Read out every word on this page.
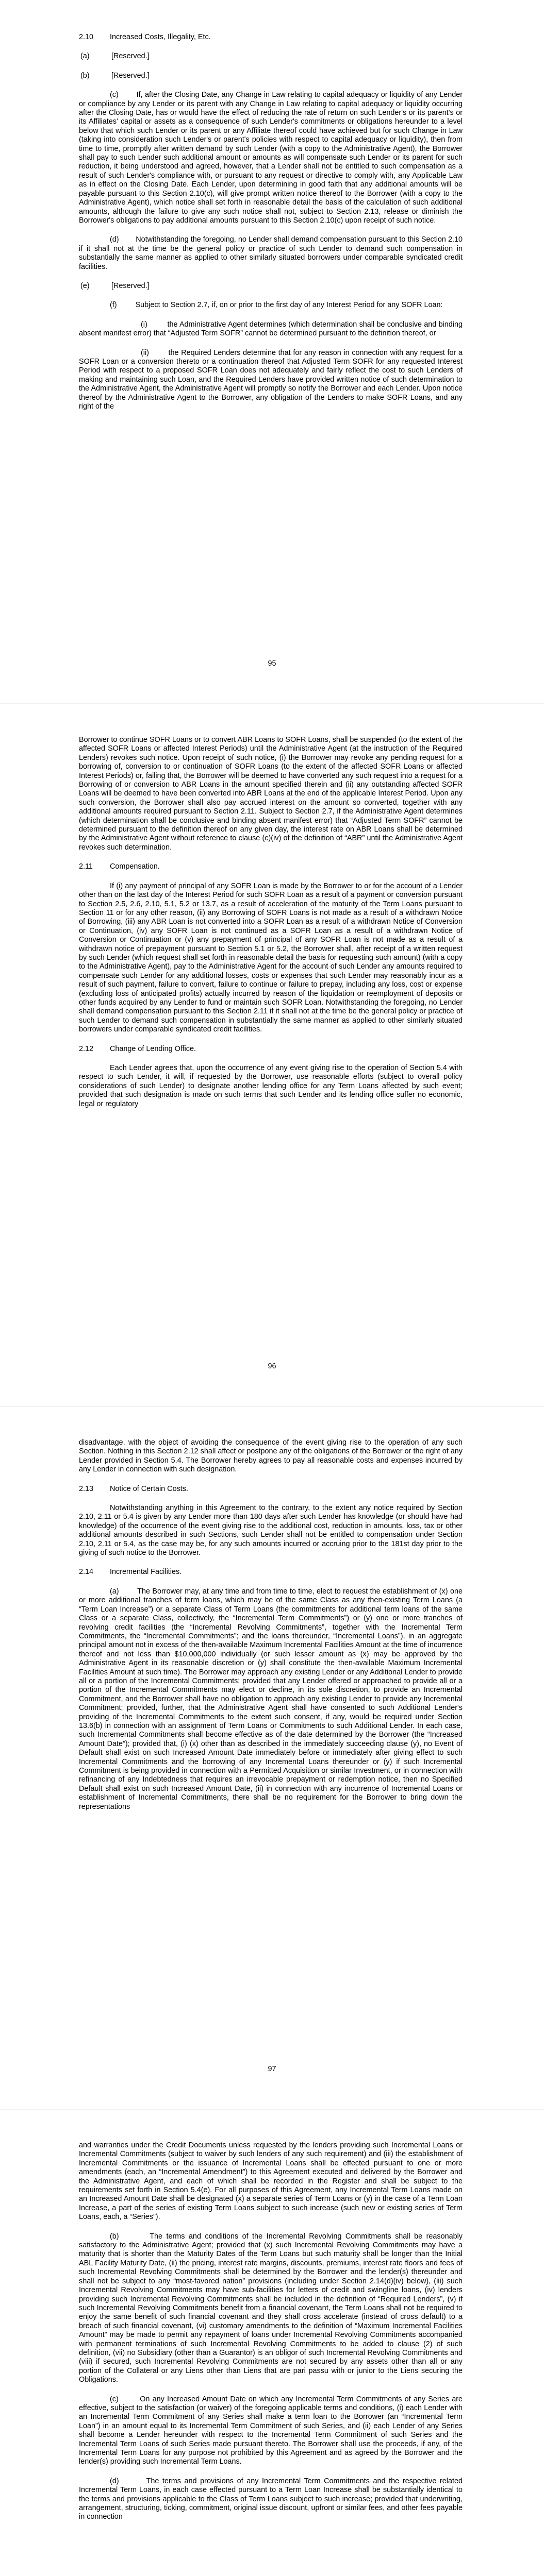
2.10	Increased Costs, Illegality, Etc.
(a)	[Reserved.]
(b)	[Reserved.]

(c)        If, after the Closing Date, any Change in Law relating to capital adequacy or liquidity of any Lender or compliance by any Lender or its parent with any Change in Law relating to capital adequacy or liquidity occurring after the Closing Date, has or would have the effect of reducing the rate of return on such Lender's or its parent's or its Affiliates' capital or assets as a consequence of such Lender's commitments or obligations hereunder to a level below that which such Lender or its parent or any Affiliate thereof could have achieved but for such Change in Law (taking into consideration such Lender's or parent's policies with respect to capital adequacy or liquidity), then from time to time, promptly after written demand by such Lender (with a copy to the Administrative Agent), the Borrower shall pay to such Lender such additional amount or amounts as will compensate such Lender or its parent for such reduction, it being understood and agreed, however, that a Lender shall not be entitled to such compensation as a result of such Lender's compliance with, or pursuant to any request or directive to comply with, any Applicable Law as in effect on the Closing Date. Each Lender, upon determining in good faith that any additional amounts will be payable pursuant to this Section 2.10(c), will give prompt written notice thereof to the Borrower (with a copy to the Administrative Agent), which notice shall set forth in reasonable detail the basis of the calculation of such additional amounts, although the failure to give any such notice shall not, subject to Section 2.13, release or diminish the Borrower's obligations to pay additional amounts pursuant to this Section 2.10(c) upon receipt of such notice.

(d)        Notwithstanding the foregoing, no Lender shall demand compensation pursuant to this Section 2.10 if it shall not at the time be the general policy or practice of such Lender to demand such compensation in substantially the same manner as applied to other similarly situated borrowers under comparable syndicated credit facilities.

(e)	[Reserved.]

(f)         Subject to Section 2.7, if, on or prior to the first day of any Interest Period for any SOFR Loan:

(i)         the Administrative Agent determines (which determination shall be conclusive and binding absent manifest error) that “Adjusted Term SOFR” cannot be determined pursuant to the definition thereof, or

(ii)        the Required Lenders determine that for any reason in connection with any request for a SOFR Loan or a conversion thereto or a continuation thereof that Adjusted Term SOFR for any requested Interest Period with respect to a proposed SOFR Loan does not adequately and fairly reflect the cost to such Lenders of making and maintaining such Loan, and the Required Lenders have provided written notice of such determination to the Administrative Agent, the Administrative Agent will promptly so notify the Borrower and each Lender. Upon notice thereof by the Administrative Agent to the Borrower, any obligation of the Lenders to make SOFR Loans, and any right of the

95

Borrower to continue SOFR Loans or to convert ABR Loans to SOFR Loans, shall be suspended (to the extent of the affected SOFR Loans or affected Interest Periods) until the Administrative Agent (at the instruction of the Required Lenders) revokes such notice. Upon receipt of such notice, (i) the Borrower may revoke any pending request for a borrowing of, conversion to or continuation of SOFR Loans (to the extent of the affected SOFR Loans or affected Interest Periods) or, failing that, the Borrower will be deemed to have converted any such request into a request for a Borrowing of or conversion to ABR Loans in the amount specified therein and (ii) any outstanding affected SOFR Loans will be deemed to have been converted into ABR Loans at the end of the applicable Interest Period. Upon any such conversion, the Borrower shall also pay accrued interest on the amount so converted, together with any additional amounts required pursuant to Section 2.11. Subject to Section 2.7, if the Administrative Agent determines (which determination shall be conclusive and binding absent manifest error) that “Adjusted Term SOFR” cannot be determined pursuant to the definition thereof on any given day, the interest rate on ABR Loans shall be determined by the Administrative Agent without reference to clause (c)(iv) of the definition of “ABR” until the Administrative Agent revokes such determination.

2.11	Compensation.

If (i) any payment of principal of any SOFR Loan is made by the Borrower to or for the account of a Lender other than on the last day of the Interest Period for such SOFR Loan as a result of a payment or conversion pursuant to Section 2.5, 2.6, 2.10, 5.1, 5.2 or 13.7, as a result of acceleration of the maturity of the Term Loans pursuant to Section 11 or for any other reason, (ii) any Borrowing of SOFR Loans is not made as a result of a withdrawn Notice of Borrowing, (iii) any ABR Loan is not converted into a SOFR Loan as a result of a withdrawn Notice of Conversion or Continuation, (iv) any SOFR Loan is not continued as a SOFR Loan as a result of a withdrawn Notice of Conversion or Continuation or (v) any prepayment of principal of any SOFR Loan is not made as a result of a withdrawn notice of prepayment pursuant to Section 5.1 or 5.2, the Borrower shall, after receipt of a written request by such Lender (which request shall set forth in reasonable detail the basis for requesting such amount) (with a copy to the Administrative Agent), pay to the Administrative Agent for the account of such Lender any amounts required to compensate such Lender for any additional losses, costs or expenses that such Lender may reasonably incur as a result of such payment, failure to convert, failure to continue or failure to prepay, including any loss, cost or expense (excluding loss of anticipated profits) actually incurred by reason of the liquidation or reemployment of deposits or other funds acquired by any Lender to fund or maintain such SOFR Loan. Notwithstanding the foregoing, no Lender shall demand compensation pursuant to this Section 2.11 if it shall not at the time be the general policy or practice of such Lender to demand such compensation in substantially the same manner as applied to other similarly situated borrowers under comparable syndicated credit facilities.

2.12	Change of Lending Office.

Each Lender agrees that, upon the occurrence of any event giving rise to the operation of Section 5.4 with respect to such Lender, it will, if requested by the Borrower, use reasonable efforts (subject to overall policy considerations of such Lender) to designate another lending office for any Term Loans affected by such event; provided that such designation is made on such terms that such Lender and its lending office suffer no economic, legal or regulatory

96

disadvantage, with the object of avoiding the consequence of the event giving rise to the operation of any such Section. Nothing in this Section 2.12 shall affect or postpone any of the obligations of the Borrower or the right of any Lender provided in Section 5.4. The Borrower hereby agrees to pay all reasonable costs and expenses incurred by any Lender in connection with such designation.

2.13	Notice of Certain Costs.

Notwithstanding anything in this Agreement to the contrary, to the extent any notice required by Section 2.10, 2.11 or 5.4 is given by any Lender more than 180 days after such Lender has knowledge (or should have had knowledge) of the occurrence of the event giving rise to the additional cost, reduction in amounts, loss, tax or other additional amounts described in such Sections, such Lender shall not be entitled to compensation under Section 2.10, 2.11 or 5.4, as the case may be, for any such amounts incurred or accruing prior to the 181st day prior to the giving of such notice to the Borrower.

2.14	Incremental Facilities.

(a)        The Borrower may, at any time and from time to time, elect to request the establishment of (x) one or more additional tranches of term loans, which may be of the same Class as any then-existing Term Loans (a “Term Loan Increase”) or a separate Class of Term Loans (the commitments for additional term loans of the same Class or a separate Class, collectively, the “Incremental Term Commitments”) or (y) one or more tranches of revolving credit facilities (the “Incremental Revolving Commitments”, together with the Incremental Term Commitments, the “Incremental Commitments”; and the loans thereunder, “Incremental Loans”), in an aggregate principal amount not in excess of the then-available Maximum Incremental Facilities Amount at the time of incurrence thereof and not less than $10,000,000 individually (or such lesser amount as (x) may be approved by the Administrative Agent in its reasonable discretion or (y) shall constitute the then-available Maximum Incremental Facilities Amount at such time). The Borrower may approach any existing Lender or any Additional Lender to provide all or a portion of the Incremental Commitments; provided that any Lender offered or approached to provide all or a portion of the Incremental Commitments may elect or decline, in its sole discretion, to provide an Incremental Commitment, and the Borrower shall have no obligation to approach any existing Lender to provide any Incremental Commitment; provided, further, that the Administrative Agent shall have consented to such Additional Lender's providing of the Incremental Commitments to the extent such consent, if any, would be required under Section 13.6(b) in connection with an assignment of Term Loans or Commitments to such Additional Lender. In each case, such Incremental Commitments shall become effective as of the date determined by the Borrower (the “Increased Amount Date”); provided that, (i) (x) other than as described in the immediately succeeding clause (y), no Event of Default shall exist on such Increased Amount Date immediately before or immediately after giving effect to such Incremental Commitments and the borrowing of any Incremental Loans thereunder or (y) if such Incremental Commitment is being provided in connection with a Permitted Acquisition or similar Investment, or in connection with refinancing of any Indebtedness that requires an irrevocable prepayment or redemption notice, then no Specified Default shall exist on such Increased Amount Date, (ii) in connection with any incurrence of Incremental Loans or establishment of Incremental Commitments, there shall be no requirement for the Borrower to bring down the representations

97

and warranties under the Credit Documents unless requested by the lenders providing such Incremental Loans or Incremental Commitments (subject to waiver by such lenders of any such requirement) and (iii) the establishment of Incremental Commitments or the issuance of Incremental Loans shall be effected pursuant to one or more amendments (each, an “Incremental Amendment”) to this Agreement executed and delivered by the Borrower and the Administrative Agent, and each of which shall be recorded in the Register and shall be subject to the requirements set forth in Section 5.4(e). For all purposes of this Agreement, any Incremental Term Loans made on an Increased Amount Date shall be designated (x) a separate series of Term Loans or (y) in the case of a Term Loan Increase, a part of the series of existing Term Loans subject to such increase (such new or existing series of Term Loans, each, a “Series”).

(b)        The terms and conditions of the Incremental Revolving Commitments shall be reasonably satisfactory to the Administrative Agent; provided that (x) such Incremental Revolving Commitments may have a maturity that is shorter than the Maturity Dates of the Term Loans but such maturity shall be longer than the Initial ABL Facility Maturity Date, (ii) the pricing, interest rate margins, discounts, premiums, interest rate floors and fees of such Incremental Revolving Commitments shall be determined by the Borrower and the lender(s) thereunder and shall not be subject to any “most-favored nation” provisions (including under Section 2.14(d)(iv) below), (iii) such Incremental Revolving Commitments may have sub-facilities for letters of credit and swingline loans, (iv) lenders providing such Incremental Revolving Commitments shall be included in the definition of “Required Lenders”, (v) if such Incremental Revolving Commitments benefit from a financial covenant, the Term Loans shall not be required to enjoy the same benefit of such financial covenant and they shall cross accelerate (instead of cross default) to a breach of such financial covenant, (vi) customary amendments to the definition of “Maximum Incremental Facilities Amount” may be made to permit any repayment of loans under Incremental Revolving Commitments accompanied with permanent terminations of such Incremental Revolving Commitments to be added to clause (2) of such definition, (vii) no Subsidiary (other than a Guarantor) is an obligor of such Incremental Revolving Commitments and (viii) if secured, such Incremental Revolving Commitments are not secured by any assets other than all or any portion of the Collateral or any Liens other than Liens that are pari passu with or junior to the Liens securing the Obligations.

(c)        On any Increased Amount Date on which any Incremental Term Commitments of any Series are effective, subject to the satisfaction (or waiver) of the foregoing applicable terms and conditions, (i) each Lender with an Incremental Term Commitment of any Series shall make a term loan to the Borrower (an “Incremental Term Loan”) in an amount equal to its Incremental Term Commitment of such Series, and (ii) each Lender of any Series shall become a Lender hereunder with respect to the Incremental Term Commitment of such Series and the Incremental Term Loans of such Series made pursuant thereto. The Borrower shall use the proceeds, if any, of the Incremental Term Loans for any purpose not prohibited by this Agreement and as agreed by the Borrower and the lender(s) providing such Incremental Term Loans.

(d)        The terms and provisions of any Incremental Term Commitments and the respective related Incremental Term Loans, in each case effected pursuant to a Term Loan Increase shall be substantially identical to the terms and provisions applicable to the Class of Term Loans subject to such increase; provided that underwriting, arrangement, structuring, ticking, commitment, original issue discount, upfront or similar fees, and other fees payable in connection
